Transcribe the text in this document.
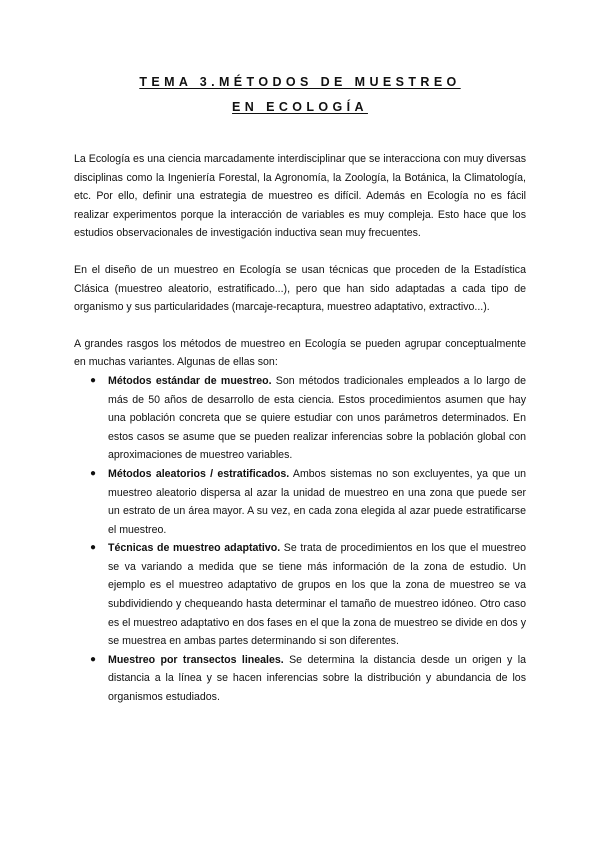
TEMA 3.MÉTODOS DE MUESTREO
EN ECOLOGÍA

La Ecología es una ciencia marcadamente interdisciplinar que se interacciona con muy diversas disciplinas como la Ingeniería Forestal, la Agronomía, la Zoología, la Botánica, la Climatología, etc. Por ello, definir una estrategia de muestreo es difícil. Además en Ecología no es fácil realizar experimentos porque la interacción de variables es muy compleja. Esto hace que los estudios observacionales de investigación inductiva sean muy frecuentes.

En el diseño de un muestreo en Ecología se usan técnicas que proceden de la Estadística Clásica (muestreo aleatorio, estratificado...), pero que han sido adaptadas a cada tipo de organismo y sus particularidades (marcaje-recaptura, muestreo adaptativo, extractivo...).

A grandes rasgos los métodos de muestreo en Ecología se pueden agrupar conceptualmente en muchas variantes. Algunas de ellas son:

● Métodos estándar de muestreo. Son métodos tradicionales empleados a lo largo de más de 50 años de desarrollo de esta ciencia. Estos procedimientos asumen que hay una población concreta que se quiere estudiar con unos parámetros determinados. En estos casos se asume que se pueden realizar inferencias sobre la población global con aproximaciones de muestreo variables.
● Métodos aleatorios / estratificados. Ambos sistemas no son excluyentes, ya que un muestreo aleatorio dispersa al azar la unidad de muestreo en una zona que puede ser un estrato de un área mayor. A su vez, en cada zona elegida al azar puede estratificarse el muestreo.
● Técnicas de muestreo adaptativo. Se trata de procedimientos en los que el muestreo se va variando a medida que se tiene más información de la zona de estudio. Un ejemplo es el muestreo adaptativo de grupos en los que la zona de muestreo se va subdividiendo y chequeando hasta determinar el tamaño de muestreo idóneo. Otro caso es el muestreo adaptativo en dos fases en el que la zona de muestreo se divide en dos y se muestrea en ambas partes determinando si son diferentes.
● Muestreo por transectos lineales. Se determina la distancia desde un origen y la distancia a la línea y se hacen inferencias sobre la distribución y abundancia de los organismos estudiados.
